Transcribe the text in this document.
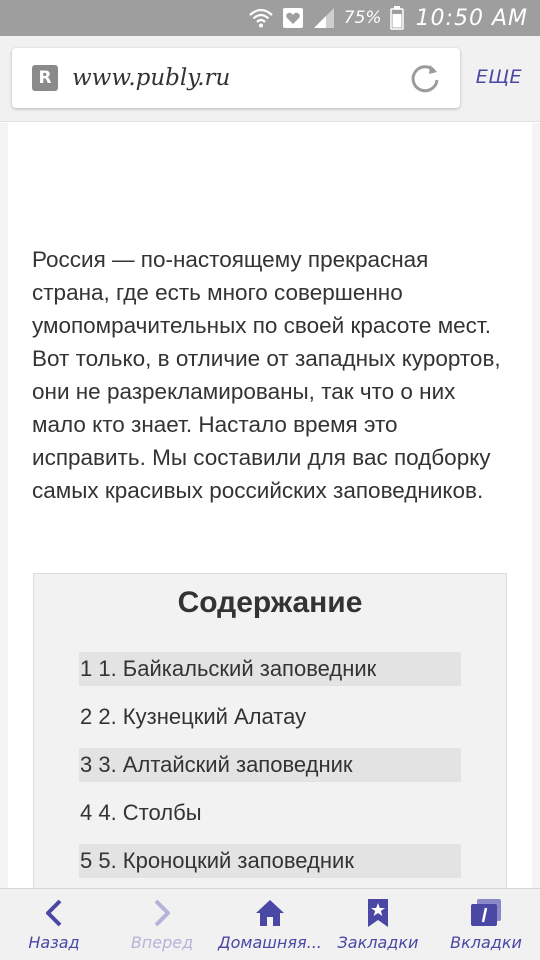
75% 10:50 AM
R www.publy.ru	ЕЩЕ

Россия — по-настоящему прекрасная страна, где есть много совершенно умопомрачительных по своей красоте мест. Вот только, в отличие от западных курортов, они не разрекламированы, так что о них мало кто знает. Настало время это исправить. Мы составили для вас подборку самых красивых российских заповедников.

Содержание
1 1. Байкальский заповедник
2 2. Кузнецкий Алатау
3 3. Алтайский заповедник
4 4. Столбы
5 5. Кроноцкий заповедник
Назад	Вперед Домашняя... Закладки Вкладки
